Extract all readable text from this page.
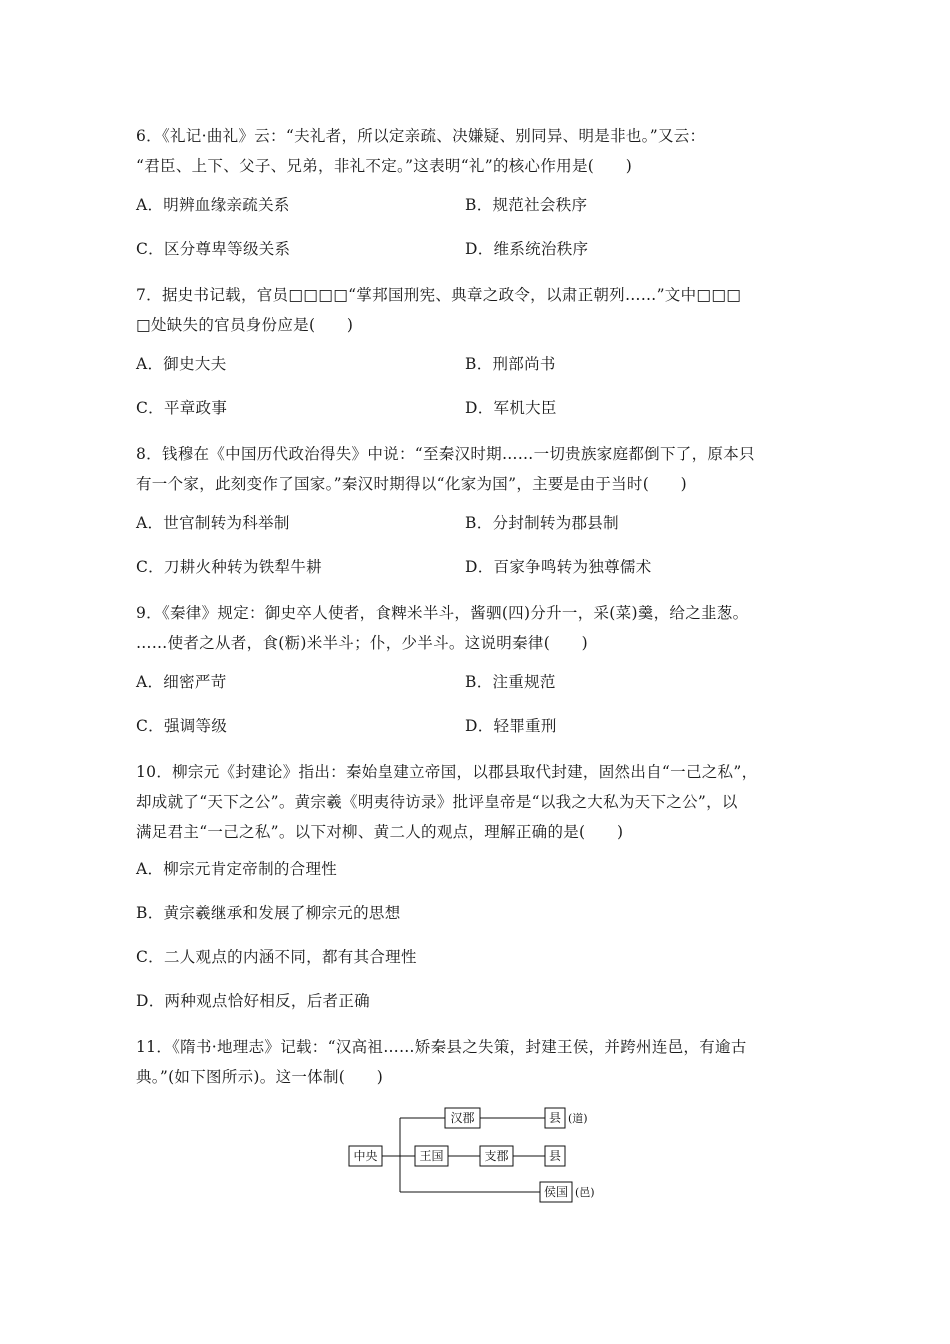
6．《礼记·曲礼》云：“夫礼者，所以定亲疏、决嫌疑、别同异、明是非也。”又云：
“君臣、上下、父子、兄弟，非礼不定。”这表明“礼”的核心作用是(　　)
A．明辨血缘亲疏关系	B．规范社会秩序
C．区分尊卑等级关系	D．维系统治秩序
7．据史书记载，官员□□□□“掌邦国刑宪、典章之政令，以肃正朝列……”文中□□□
□处缺失的官员身份应是(　　)
A．御史大夫	B．刑部尚书
C．平章政事	D．军机大臣
8．钱穆在《中国历代政治得失》中说：“至秦汉时期……一切贵族家庭都倒下了，原本只
有一个家，此刻变作了国家。”秦汉时期得以“化家为国”，主要是由于当时(　　)
A．世官制转为科举制	B．分封制转为郡县制
C．刀耕火种转为铁犁牛耕	D．百家争鸣转为独尊儒术
9．《秦律》规定：御史卒人使者，食粺米半斗，酱驷(四)分升一，采(菜)羹，给之韭葱。
……使者之从者，食(粝)米半斗；仆，少半斗。这说明秦律(　　)
A．细密严苛	B．注重规范
C．强调等级	D．轻罪重刑
10．柳宗元《封建论》指出：秦始皇建立帝国，以郡县取代封建，固然出自“一己之私”，
却成就了“天下之公”。黄宗羲《明夷待访录》批评皇帝是“以我之大私为天下之公”，以
满足君主“一己之私”。以下对柳、黄二人的观点，理解正确的是(　　)
A．柳宗元肯定帝制的合理性
B．黄宗羲继承和发展了柳宗元的思想
C．二人观点的内涵不同，都有其合理性
D．两种观点恰好相反，后者正确
11．《隋书·地理志》记载：“汉高祖……矫秦县之失策，封建王侯，并跨州连邑，有逾古
典。”(如下图所示)。这一体制(　　)
中央
汉郡	县 (道)
王国	支郡	县
侯国 (邑)
